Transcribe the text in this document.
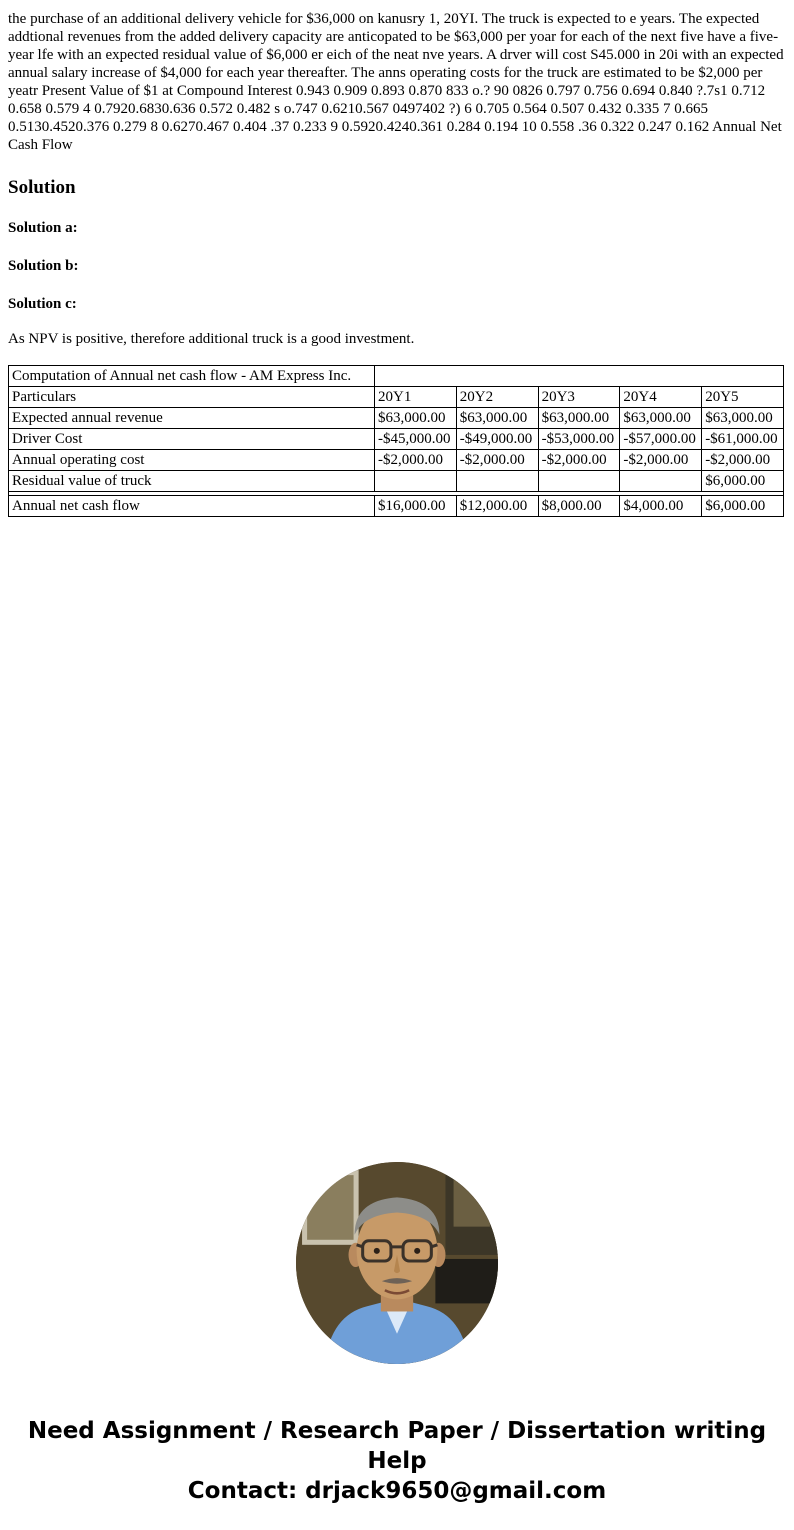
the purchase of an additional delivery vehicle for $36,000 on kanusry 1, 20YI. The truck is expected to e years. The expected addtional revenues from the added delivery capacity are anticopated to be $63,000 per yoar for each of the next five have a five-year lfe with an expected residual value of $6,000 er eich of the neat nve years. A drver will cost S45.000 in 20i with an expected annual salary increase of $4,000 for each year thereafter. The anns operating costs for the truck are estimated to be $2,000 per yeatr Present Value of $1 at Compound Interest 0.943 0.909 0.893 0.870 833 o.? 90 0826 0.797 0.756 0.694 0.840 ?.7s1 0.712 0.658 0.579 4 0.7920.6830.636 0.572 0.482 s o.747 0.6210.567 0497402 ?) 6 0.705 0.564 0.507 0.432 0.335 7 0.665 0.5130.4520.376 0.279 8 0.6270.467 0.404 .37 0.233 9 0.5920.4240.361 0.284 0.194 10 0.558 .36 0.322 0.247 0.162 Annual Net Cash Flow

Solution
Solution a:
Solution b:
Solution c:

As NPV is positive, therefore additional truck is a good investment.

Computation of Annual net cash flow - AM Express Inc.					
Particulars	20Y1	20Y2	20Y3	20Y4	20Y5
Expected annual revenue	$63,000.00	$63,000.00	$63,000.00	$63,000.00	$63,000.00
Driver Cost	-$45,000.00	-$49,000.00	-$53,000.00	-$57,000.00	-$61,000.00
Annual operating cost	-$2,000.00	-$2,000.00	-$2,000.00	-$2,000.00	-$2,000.00
Residual value of truck					$6,000.00

Annual net cash flow	$16,000.00	$12,000.00	$8,000.00	$4,000.00	$6,000.00
Need Assignment / Research Paper / Dissertation writing Help
Contact: drjack9650@gmail.com
